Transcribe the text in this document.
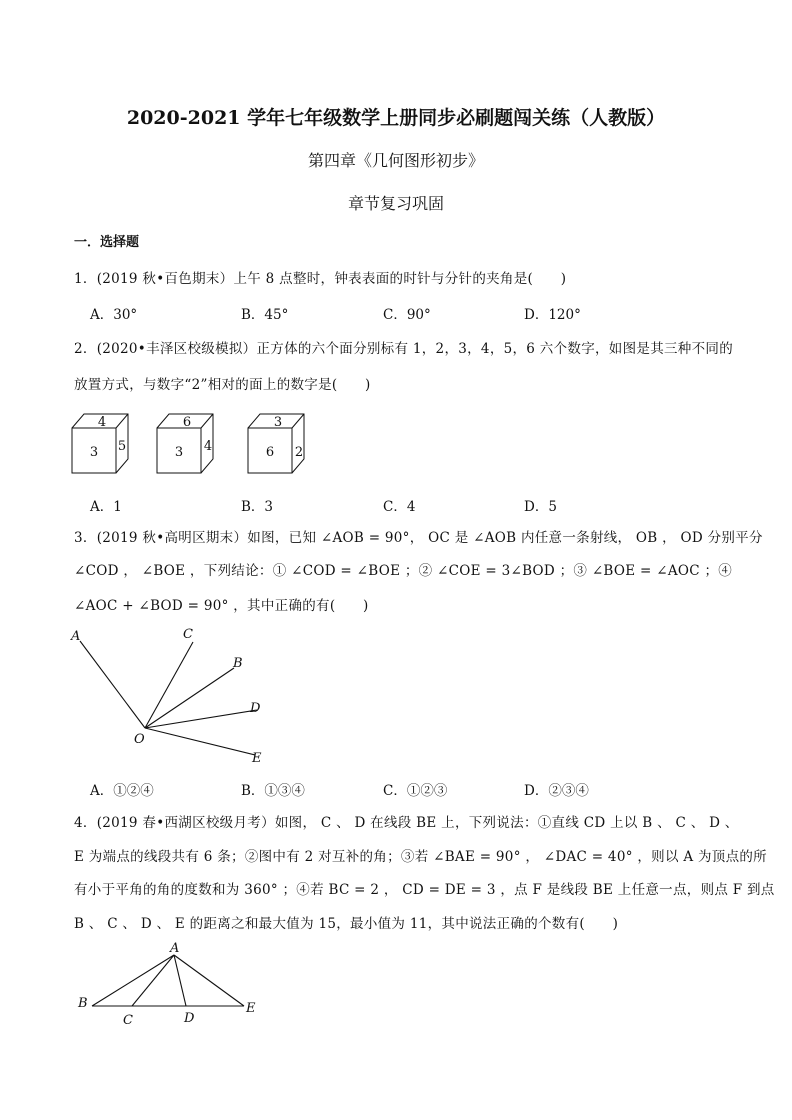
2020-2021 学年七年级数学上册同步必刷题闯关练（人教版）
第四章《几何图形初步》
章节复习巩固
一．选择题
1．(2019 秋•百色期末）上午 8 点整时，钟表表面的时针与分针的夹角是(　　)
A．30°	B．45°	C．90°	D．120°
2．(2020•丰泽区校级模拟）正方体的六个面分别标有 1，2，3，4，5，6 六个数字，如图是其三种不同的
放置方式，与数字“2”相对的面上的数字是(　　)
4
3 5
6
3 4
3
6 2
A．1	B．3	C．4	D．5
3．(2019 秋•高明区期末）如图，已知 ∠AOB = 90°， OC 是 ∠AOB 内任意一条射线， OB ， OD 分别平分
∠COD ， ∠BOE ，下列结论：① ∠COD = ∠BOE ；② ∠COE = 3∠BOD ；③ ∠BOE = ∠AOC ；④
∠AOC + ∠BOD = 90° ，其中正确的有(　　)
A	C
B
D
O
E
A．①②④	B．①③④	C．①②③	D．②③④
4．(2019 春•西湖区校级月考）如图， C 、 D 在线段 BE 上，下列说法：①直线 CD 上以 B 、 C 、 D 、
E 为端点的线段共有 6 条；②图中有 2 对互补的角；③若 ∠BAE = 90° ， ∠DAC = 40° ，则以 A 为顶点的所
有小于平角的角的度数和为 360° ；④若 BC = 2 ， CD = DE = 3 ，点 F 是线段 BE 上任意一点，则点 F 到点
B 、 C 、 D 、 E 的距离之和最大值为 15，最小值为 11，其中说法正确的个数有(　　)
A
B
C	D
E
